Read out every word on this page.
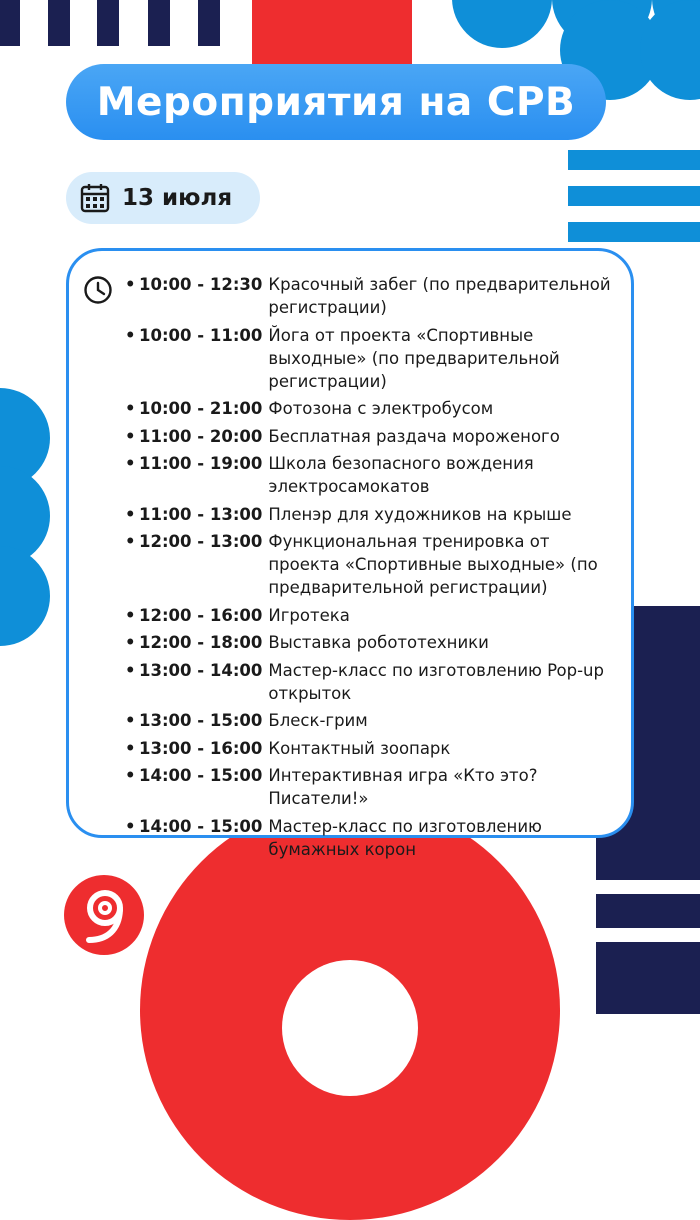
Мероприятия на СРВ
13 июля
• 10:00 - 12:30 Красочный забег (по предварительной регистрации)
• 10:00 - 11:00 Йога от проекта «Спортивные выходные» (по предварительной регистрации)
• 10:00 - 21:00 Фотозона с электробусом
• 11:00 - 20:00 Бесплатная раздача мороженого
• 11:00 - 19:00 Школа безопасного вождения электросамокатов
• 11:00 - 13:00 Пленэр для художников на крыше
• 12:00 - 13:00 Функциональная тренировка от проекта «Спортивные выходные» (по предварительной регистрации)
• 12:00 - 16:00 Игротека
• 12:00 - 18:00 Выставка робототехники
• 13:00 - 14:00 Мастер-класс по изготовлению Pop-up открыток
• 13:00 - 15:00 Блеск-грим
• 13:00 - 16:00 Контактный зоопарк
• 14:00 - 15:00 Интерактивная игра «Кто это? Писатели!»
• 14:00 - 15:00 Мастер-класс по изготовлению бумажных корон
